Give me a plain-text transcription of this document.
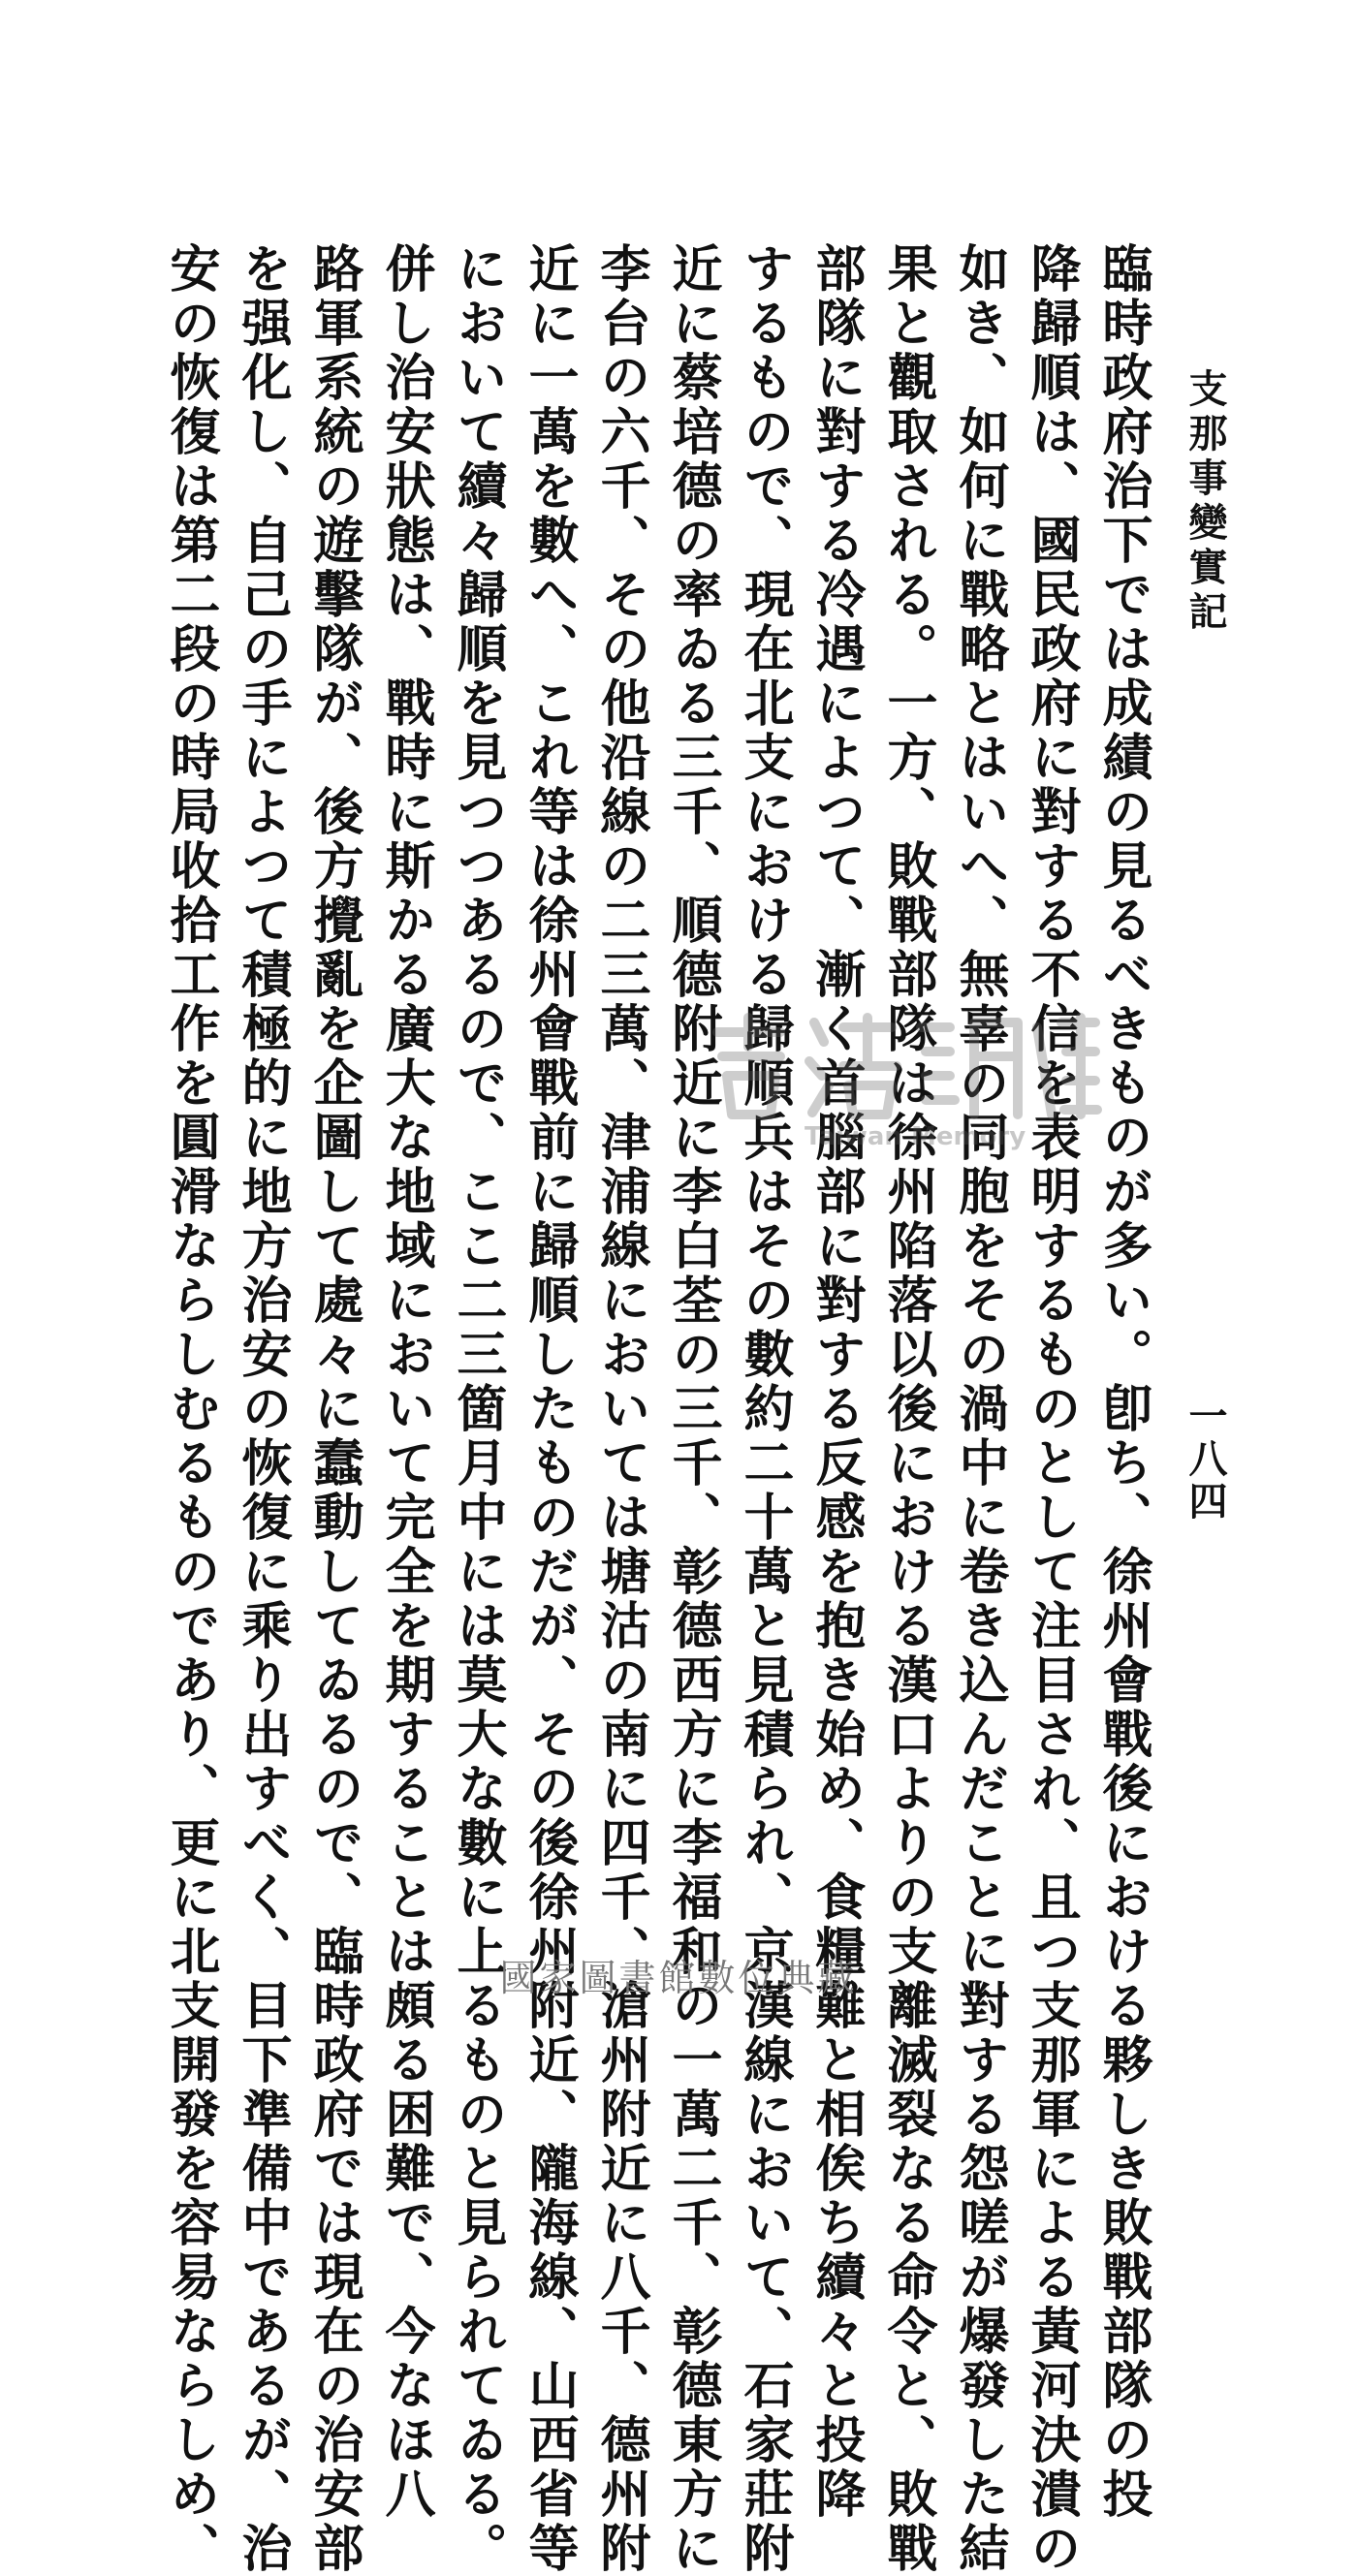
支那事變實記
一八四

臨時政府治下では成績の見るべきものが多い。卽ち、徐州會戰後における夥しき敗戰部隊の投

降歸順は、國民政府に對する不信を表明するものとして注目され、且つ支那軍による黃河決潰の

如き、如何に戰略とはいへ、無辜の同胞をその渦中に卷き込んだことに對する怨嗟が爆發した結

果と觀取される。一方、敗戰部隊は徐州陷落以後における漢口よりの支離滅裂なる命令と、敗戰

部隊に對する冷遇によつて、漸く首腦部に對する反感を抱き始め、食糧難と相俟ち續々と投降

するもので、現在北支における歸順兵はその數約二十萬と見積られ、京漢線において、石家莊附

近に蔡培德の率ゐる三千、順德附近に李白荃の三千、彰德西方に李福和の一萬二千、彰德東方に

李台の六千、その他沿線の二三萬、津浦線においては塘沽の南に四千、滄州附近に八千、德州附

近に一萬を數へ、これ等は徐州會戰前に歸順したものだが、その後徐州附近、隴海線、山西省等

において續々歸順を見つつあるので、ここ二三箇月中には莫大な數に上るものと見られてゐる。

併し治安狀態は、戰時に斯かる廣大な地域において完全を期することは頗る困難で、今なほ八

路軍系統の遊擊隊が、後方攪亂を企圖して處々に蠢動してゐるので、臨時政府では現在の治安部

を强化し、自己の手によつて積極的に地方治安の恢復に乘り出すべく、目下準備中であるが、治

安の恢復は第二段の時局收拾工作を圓滑ならしむるものであり、更に北支開發を容易ならしめ、	Taiwan Memory
國家圖書館數位典藏
